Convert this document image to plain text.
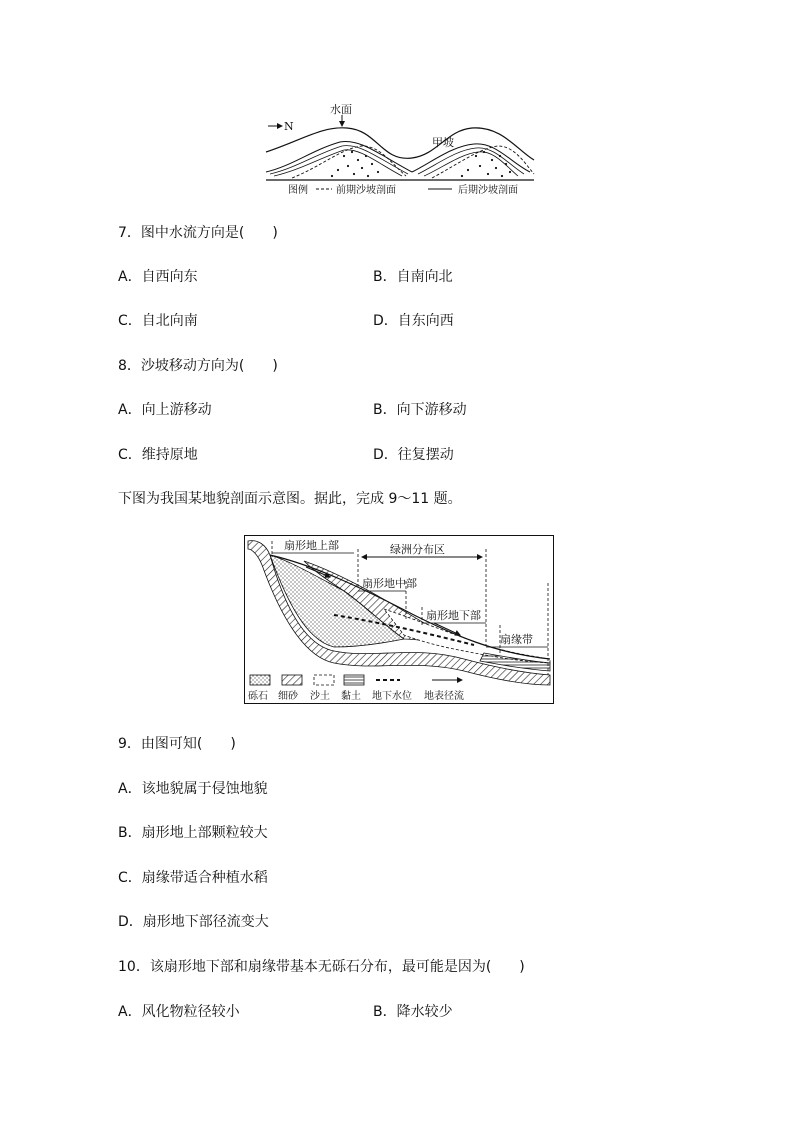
N
水面
甲坡
图例	前期沙坡剖面	后期沙坡剖面
7．图中水流方向是(　　)
A．自西向东	B．自南向北
C．自北向南	D．自东向西
8．沙坡移动方向为(　　)
A．向上游移动	B．向下游移动
C．维持原地	D．往复摆动
下图为我国某地貌剖面示意图。据此，完成 9～11 题。
扇形地上部	绿洲分布区
扇形地中部
扇形地下部
扇缘带
砾石 细砂 沙土 黏土 地下水位 地表径流
9．由图可知(　　)
A．该地貌属于侵蚀地貌
B．扇形地上部颗粒较大
C．扇缘带适合种植水稻
D．扇形地下部径流变大
10．该扇形地下部和扇缘带基本无砾石分布，最可能是因为(　　)
A．风化物粒径较小	B．降水较少
